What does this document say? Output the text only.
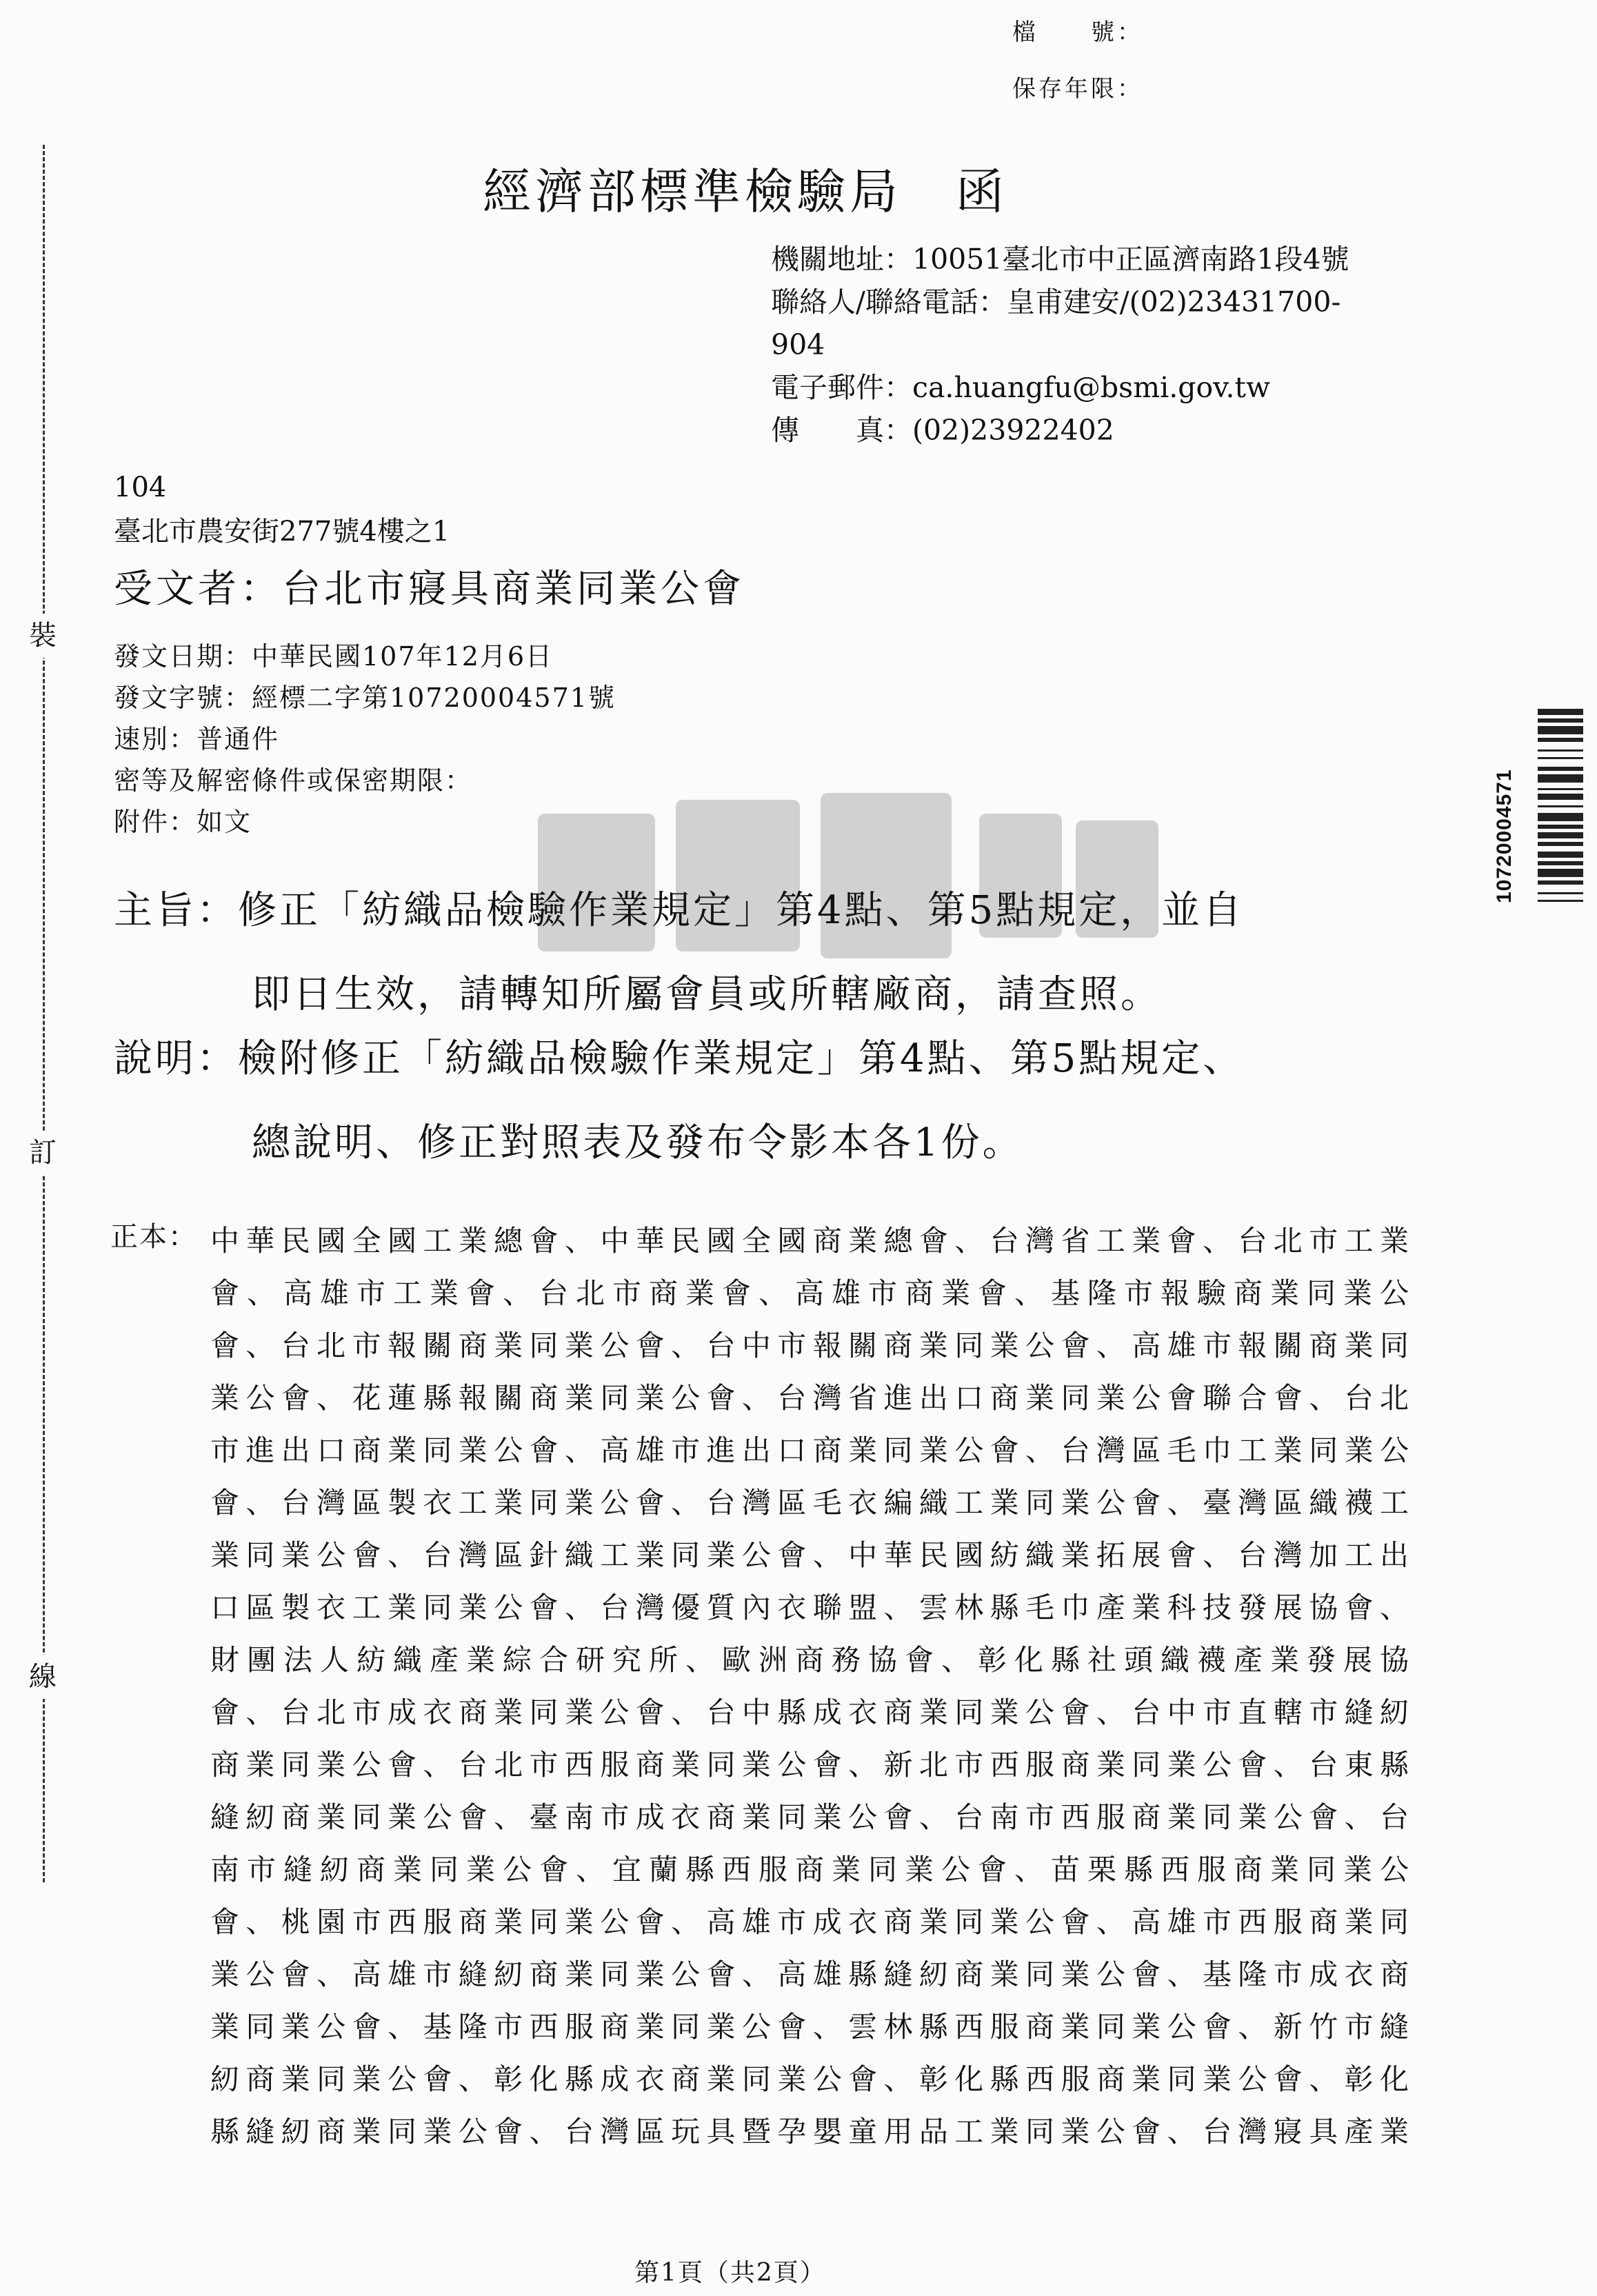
裝
訂
線
檔　　號：
保存年限：
經濟部標準檢驗局 函
機關地址：10051臺北市中正區濟南路1段4號
聯絡人/聯絡電話：皇甫建安/(02)23431700-
904
電子郵件：ca.huangfu@bsmi.gov.tw
傳　　真：(02)23922402
104
臺北市農安街277號4樓之1
受文者：台北市寢具商業同業公會
發文日期：中華民國107年12月6日
發文字號：經標二字第10720004571號
速別：普通件
密等及解密條件或保密期限：
附件：如文
主旨：修正「紡織品檢驗作業規定」第4點、第5點規定，並自
即日生效，請轉知所屬會員或所轄廠商，請查照。
說明：檢附修正「紡織品檢驗作業規定」第4點、第5點規定、
總說明、修正對照表及發布令影本各1份。
正本： 中華民國全國工業總會、中華民國全國商業總會、台灣省工業會、台北市工業
會、高雄市工業會、台北市商業會、高雄市商業會、基隆市報驗商業同業公
會、台北市報關商業同業公會、台中市報關商業同業公會、高雄市報關商業同
業公會、花蓮縣報關商業同業公會、台灣省進出口商業同業公會聯合會、台北
市進出口商業同業公會、高雄市進出口商業同業公會、台灣區毛巾工業同業公
會、台灣區製衣工業同業公會、台灣區毛衣編織工業同業公會、臺灣區織襪工
業同業公會、台灣區針織工業同業公會、中華民國紡織業拓展會、台灣加工出
口區製衣工業同業公會、台灣優質內衣聯盟、雲林縣毛巾產業科技發展協會、
財團法人紡織產業綜合研究所、歐洲商務協會、彰化縣社頭織襪產業發展協
會、台北市成衣商業同業公會、台中縣成衣商業同業公會、台中市直轄市縫紉
商業同業公會、台北市西服商業同業公會、新北市西服商業同業公會、台東縣
縫紉商業同業公會、臺南市成衣商業同業公會、台南市西服商業同業公會、台
南市縫紉商業同業公會、宜蘭縣西服商業同業公會、苗栗縣西服商業同業公
會、桃園市西服商業同業公會、高雄市成衣商業同業公會、高雄市西服商業同
業公會、高雄市縫紉商業同業公會、高雄縣縫紉商業同業公會、基隆市成衣商
業同業公會、基隆市西服商業同業公會、雲林縣西服商業同業公會、新竹市縫
紉商業同業公會、彰化縣成衣商業同業公會、彰化縣西服商業同業公會、彰化
縣縫紉商業同業公會、台灣區玩具暨孕嬰童用品工業同業公會、台灣寢具產業
10720004571
第1頁（共2頁）
